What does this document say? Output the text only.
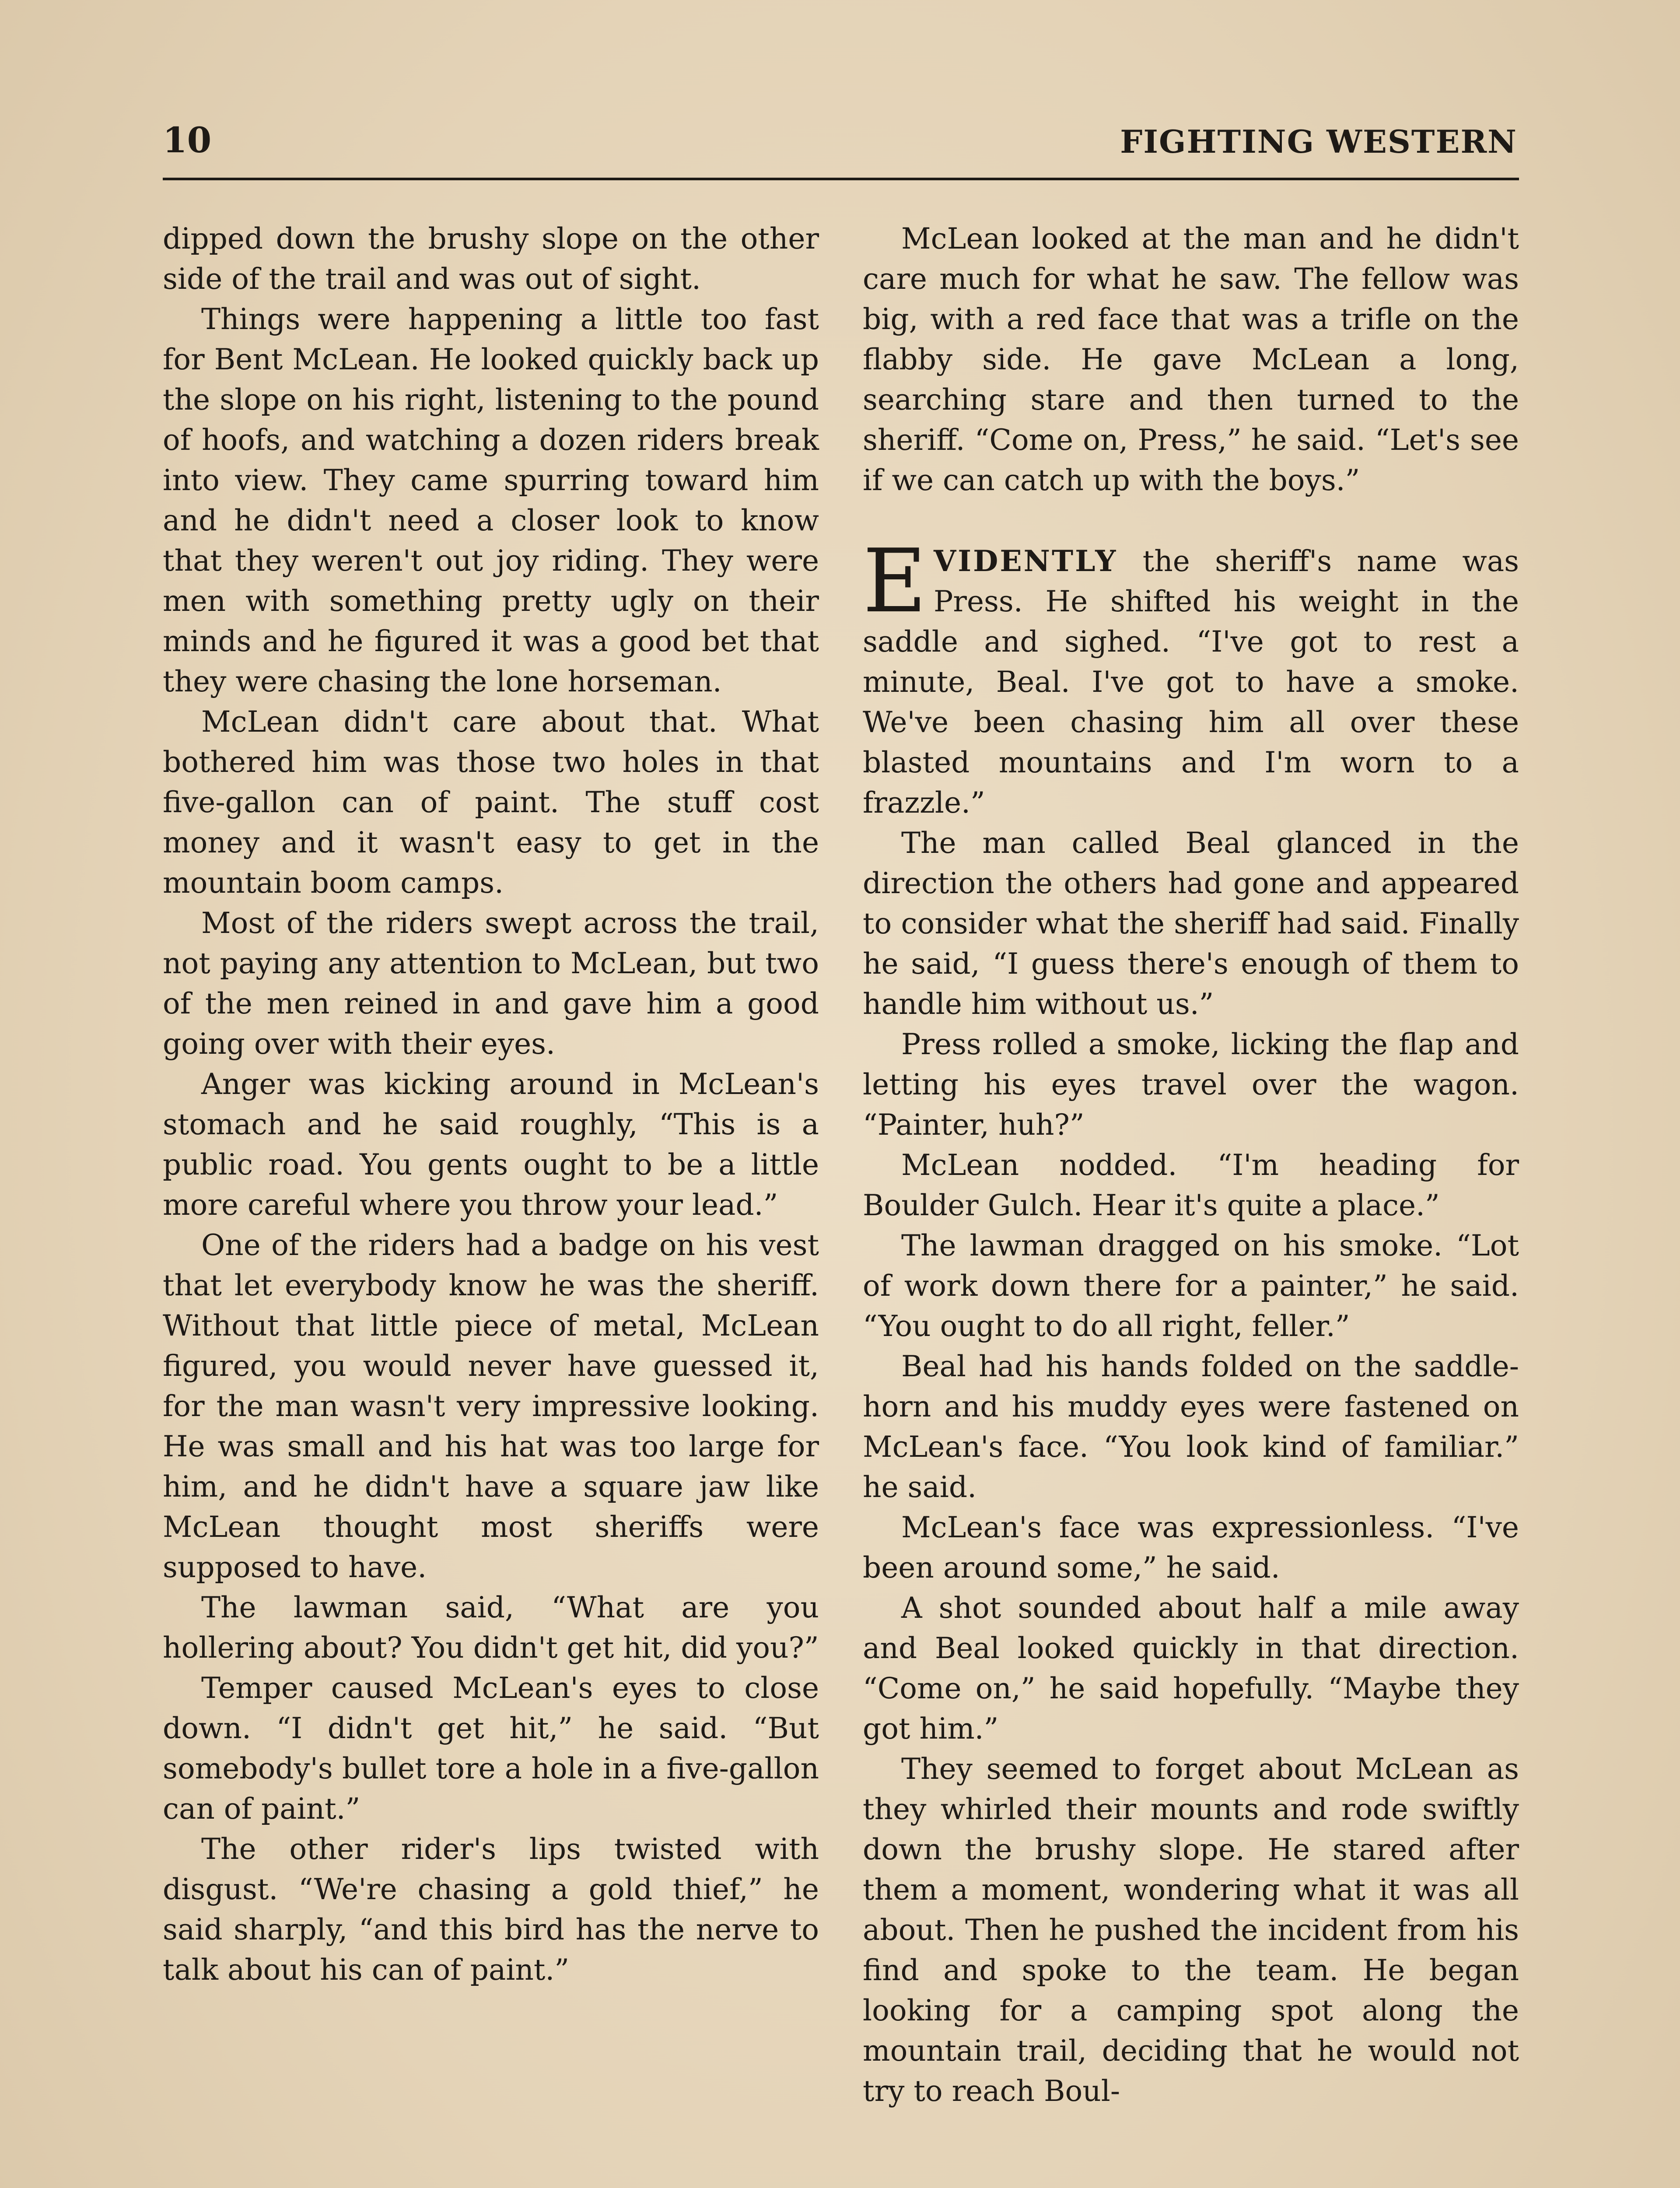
10	FIGHTING WESTERN

dipped down the brushy slope on the other side of the trail and was out of sight.

Things were happening a little too fast for Bent McLean. He looked quickly back up the slope on his right, listening to the pound of hoofs, and watching a dozen riders break into view. They came spurring toward him and he didn't need a closer look to know that they weren't out joy riding. They were men with something pretty ugly on their minds and he figured it was a good bet that they were chasing the lone horseman.

McLean didn't care about that. What bothered him was those two holes in that five-gallon can of paint. The stuff cost money and it wasn't easy to get in the mountain boom camps.

Most of the riders swept across the trail, not paying any attention to McLean, but two of the men reined in and gave him a good going over with their eyes.

Anger was kicking around in McLean's stomach and he said roughly, “This is a public road. You gents ought to be a little more careful where you throw your lead.”

One of the riders had a badge on his vest that let everybody know he was the sheriff. Without that little piece of metal, McLean figured, you would never have guessed it, for the man wasn't very impressive looking. He was small and his hat was too large for him, and he didn't have a square jaw like McLean thought most sheriffs were supposed to have.

The lawman said, “What are you hollering about? You didn't get hit, did you?”

Temper caused McLean's eyes to close down. “I didn't get hit,” he said. “But somebody's bullet tore a hole in a five-gallon can of paint.”

The other rider's lips twisted with disgust. “We're chasing a gold thief,” he said sharply, “and this bird has the nerve to talk about his can of paint.”

McLean looked at the man and he didn't care much for what he saw. The fellow was big, with a red face that was a trifle on the flabby side. He gave McLean a long, searching stare and then turned to the sheriff. “Come on, Press,” he said. “Let's see if we can catch up with the boys.”

EVIDENTLY the sheriff's name was Press. He shifted his weight in the saddle and sighed. “I've got to rest a minute, Beal. I've got to have a smoke. We've been chasing him all over these blasted mountains and I'm worn to a frazzle.”

The man called Beal glanced in the direction the others had gone and appeared to consider what the sheriff had said. Finally he said, “I guess there's enough of them to handle him without us.”

Press rolled a smoke, licking the flap and letting his eyes travel over the wagon. “Painter, huh?”

McLean nodded. “I'm heading for Boulder Gulch. Hear it's quite a place.”

The lawman dragged on his smoke. “Lot of work down there for a painter,” he said. “You ought to do all right, feller.”

Beal had his hands folded on the saddle-horn and his muddy eyes were fastened on McLean's face. “You look kind of familiar.” he said.

McLean's face was expressionless. “I've been around some,” he said.

A shot sounded about half a mile away and Beal looked quickly in that direction. “Come on,” he said hopefully. “Maybe they got him.”

They seemed to forget about McLean as they whirled their mounts and rode swiftly down the brushy slope. He stared after them a moment, wondering what it was all about. Then he pushed the incident from his find and spoke to the team. He began looking for a camping spot along the mountain trail, deciding that he would not try to reach Boul-
